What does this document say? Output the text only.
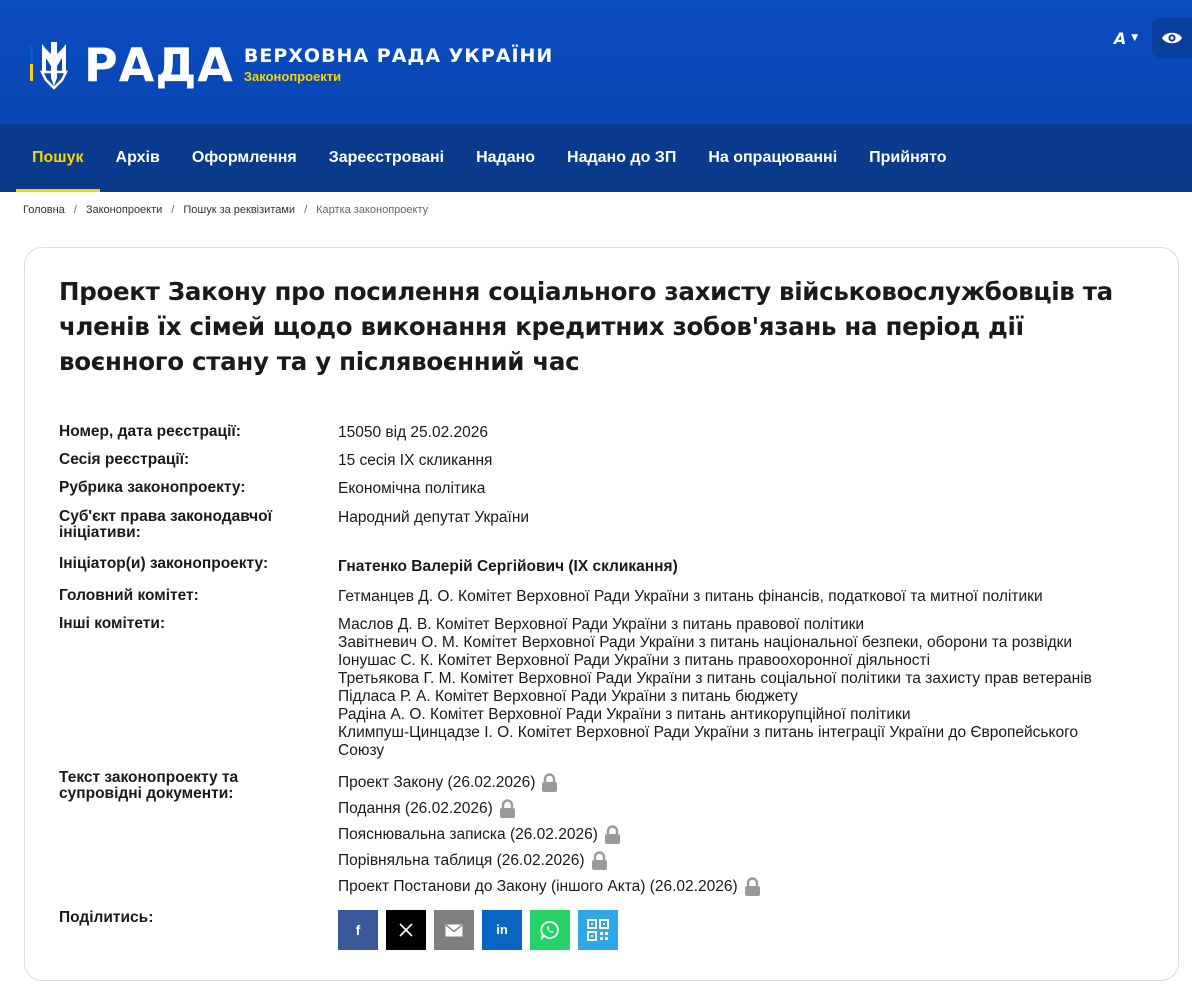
РАДА ВЕРХОВНА РАДА УКРАЇНИ
Законопроекти
A ▼
Пошук	Архів	Оформлення	Зареєстровані	Надано	Надано до ЗП	На опрацюванні	Прийнято
Головна / Законопроекти / Пошук за реквізитами / Картка законопроекту
Проект Закону про посилення соціального захисту військовослужбовців та членів їх сімей щодо виконання кредитних зобов'язань на період дії воєнного стану та у післявоєнний час
Номер, дата реєстрації:	15050 від 25.02.2026
Сесія реєстрації:	15 сесія IX скликання
Рубрика законопроекту:	Економічна політика
Суб'єкт права законодавчої ініціативи:
Народний депутат України
Ініціатор(и) законопроекту:	Гнатенко Валерій Сергійович (IX скликання)
Головний комітет:	Гетманцев Д. О. Комітет Верховної Ради України з питань фінансів, податкової та митної політики
Інші комітети:	Маслов Д. В. Комітет Верховної Ради України з питань правової політики
Завітневич О. М. Комітет Верховної Ради України з питань національної безпеки, оборони та розвідки
Іонушас С. К. Комітет Верховної Ради України з питань правоохоронної діяльності
Третьякова Г. М. Комітет Верховної Ради України з питань соціальної політики та захисту прав ветеранів
Підласа Р. А. Комітет Верховної Ради України з питань бюджету
Радіна А. О. Комітет Верховної Ради України з питань антикорупційної політики
Климпуш-Цинцадзе І. О. Комітет Верховної Ради України з питань інтеграції України до Європейського
Союзу
Текст законопроекту та супровідні документи:
Проект Закону (26.02.2026)
Подання (26.02.2026)
Пояснювальна записка (26.02.2026)
Порівняльна таблиця (26.02.2026)
Проект Постанови до Закону (іншого Акта) (26.02.2026)
Поділитись:
f	in
